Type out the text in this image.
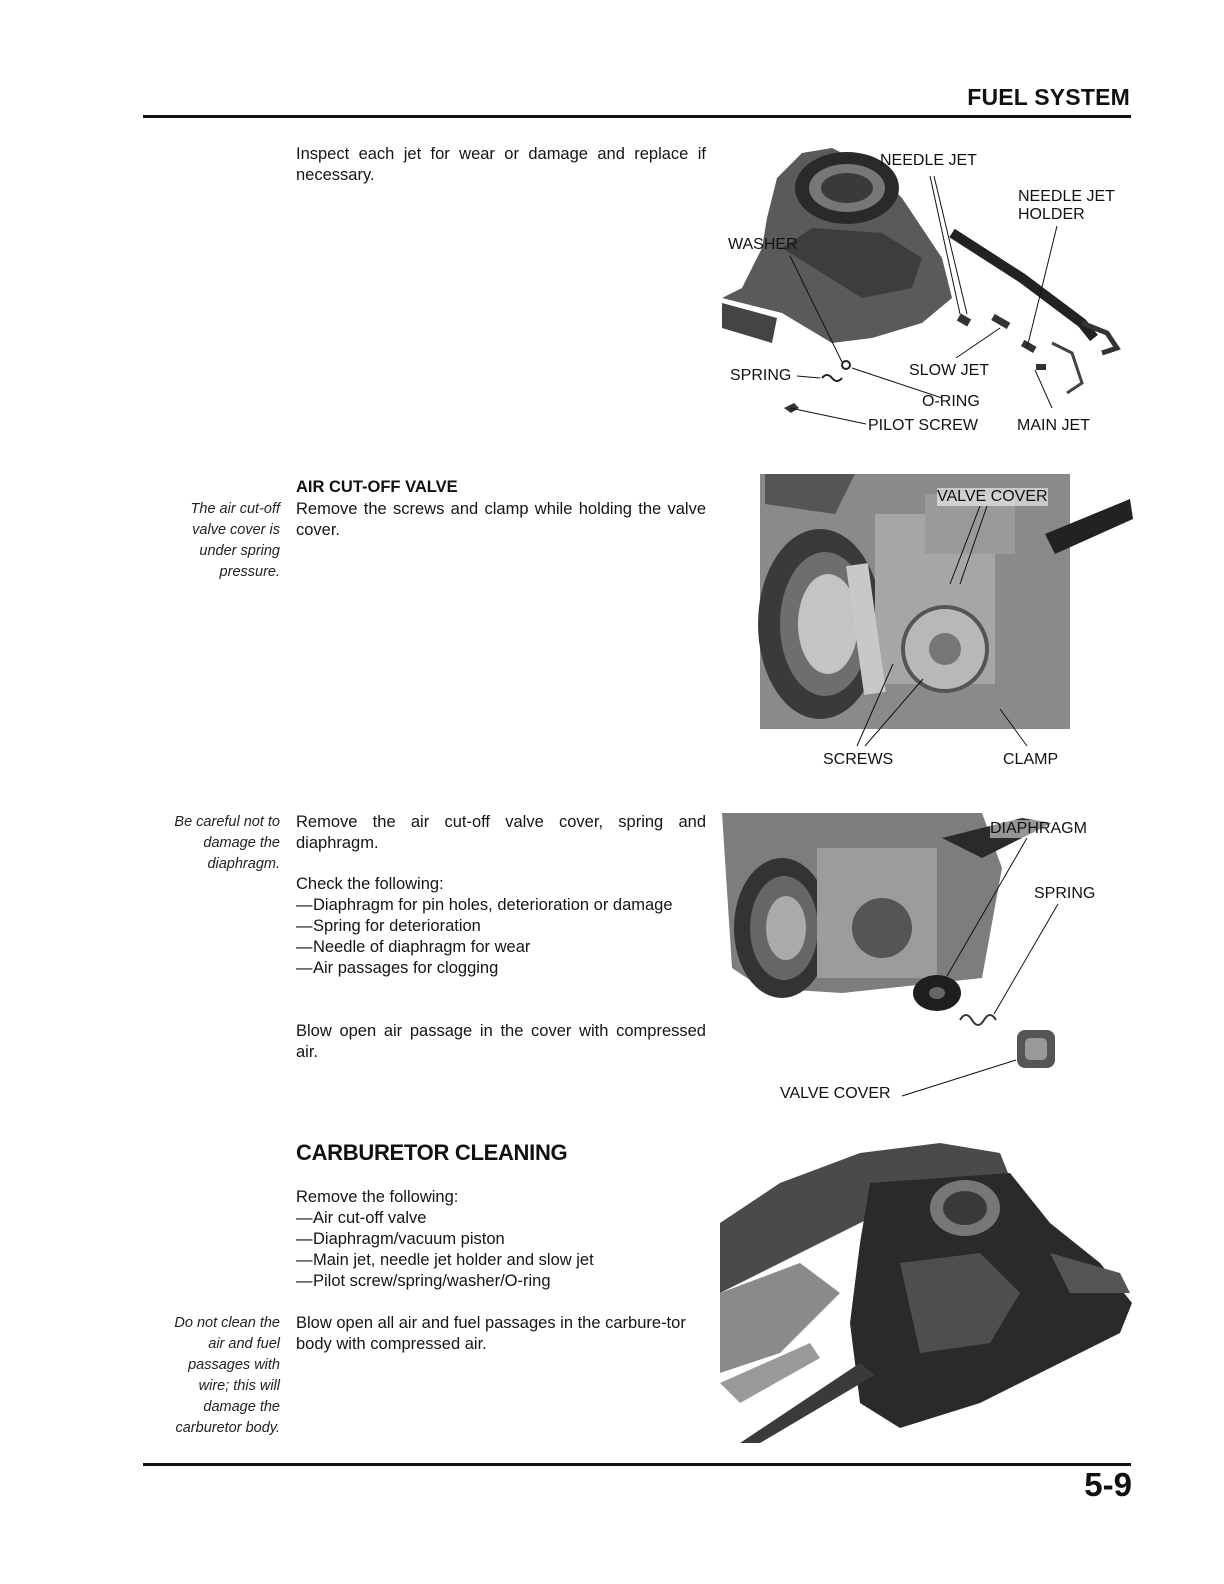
FUEL SYSTEM
Inspect each jet for wear or damage and replace if necessary.
NEEDLE JET
NEEDLE JET
HOLDER
WASHER
SPRING	SLOW JET
O-RING
PILOT SCREW MAIN JET
The air cut-off
valve cover is
under spring
pressure.
AIR CUT-OFF VALVE
Remove the screws and clamp while holding the valve cover.
VALVE COVER
SCREWS	CLAMP
Be careful not to
damage the
diaphragm.
Remove the air cut-off valve cover, spring and diaphragm.
Check the following:
— Diaphragm for pin holes, deterioration or damage
— Spring for deterioration
— Needle of diaphragm for wear
— Air passages for clogging
Blow open air passage in the cover with compressed air.
DIAPHRAGM
SPRING
VALVE COVER
CARBURETOR CLEANING
Remove the following:
— Air cut-off valve
— Diaphragm/vacuum piston
— Main jet, needle jet holder and slow jet
— Pilot screw/spring/washer/O-ring
Do not clean the
air and fuel
passages with
wire; this will
damage the
carburetor body.
Blow open all air and fuel passages in the carbure-tor body with compressed air.
5-9
